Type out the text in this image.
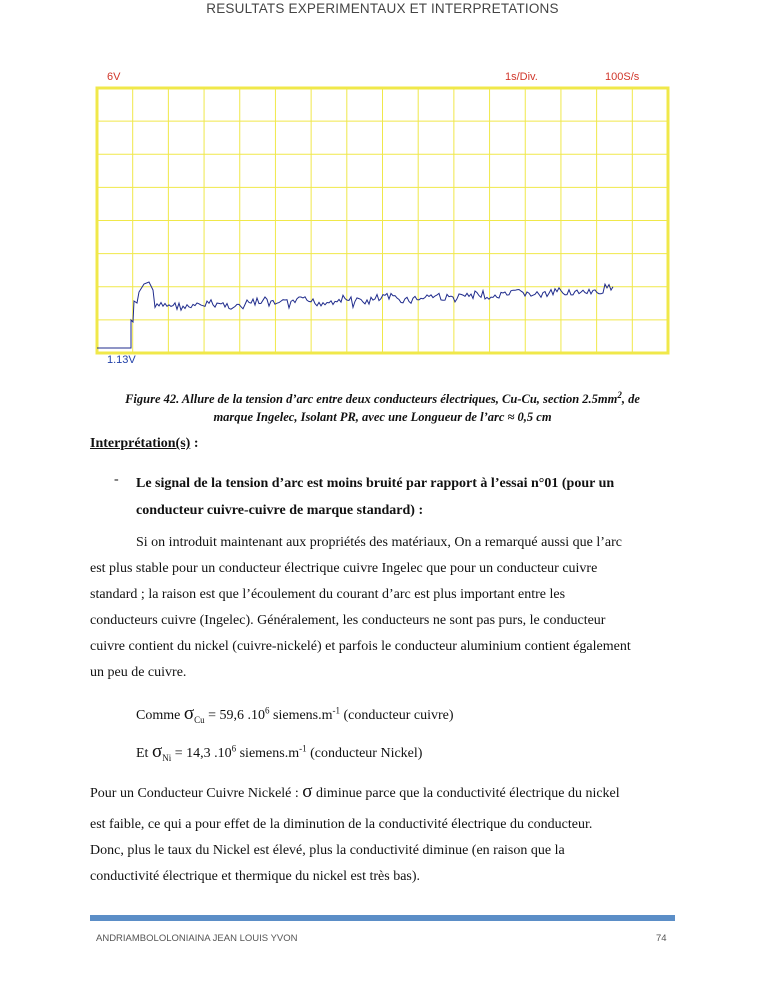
RESULTATS EXPERIMENTAUX ET INTERPRETATIONS
6V	1s/Div.	100S/s
1.13V
Figure 42. Allure de la tension d’arc entre deux conducteurs électriques, Cu-Cu, section $2.5mm^2$, de
marque Ingelec, Isolant PR, avec une Longueur de l’arc ≈ 0,5 cm
Interprétation(s) :
- Le signal de la tension d’arc est moins bruité par rapport à l’essai n°01 (pour un conducteur cuivre-cuivre de marque standard) :
Si on introduit maintenant aux propriétés des matériaux, On a remarqué aussi que l’arc
est plus stable pour un conducteur électrique cuivre Ingelec que pour un conducteur cuivre
standard ; la raison est que l’écoulement du courant d’arc est plus important entre les
conducteurs cuivre (Ingelec). Généralement, les conducteurs ne sont pas purs, le conducteur
cuivre contient du nickel (cuivre-nickelé) et parfois le conducteur aluminium contient également
un peu de cuivre.
Comme $\sigma_{Cu} = 59,6$ $.10^6$ $siemens.m^{-1}$ (conducteur cuivre)
Et $\sigma_{Ni} = 14,3$ $.10^6$ $siemens.m^{-1}$ (conducteur Nickel)
Pour un Conducteur Cuivre Nickelé : σ diminue parce que la conductivité électrique du nickel
est faible, ce qui a pour effet de la diminution de la conductivité électrique du conducteur.
Donc, plus le taux du Nickel est élevé, plus la conductivité diminue (en raison que la
conductivité électrique et thermique du nickel est très bas).
ANDRIAMBOLOLONIAINA JEAN LOUIS YVON	74
